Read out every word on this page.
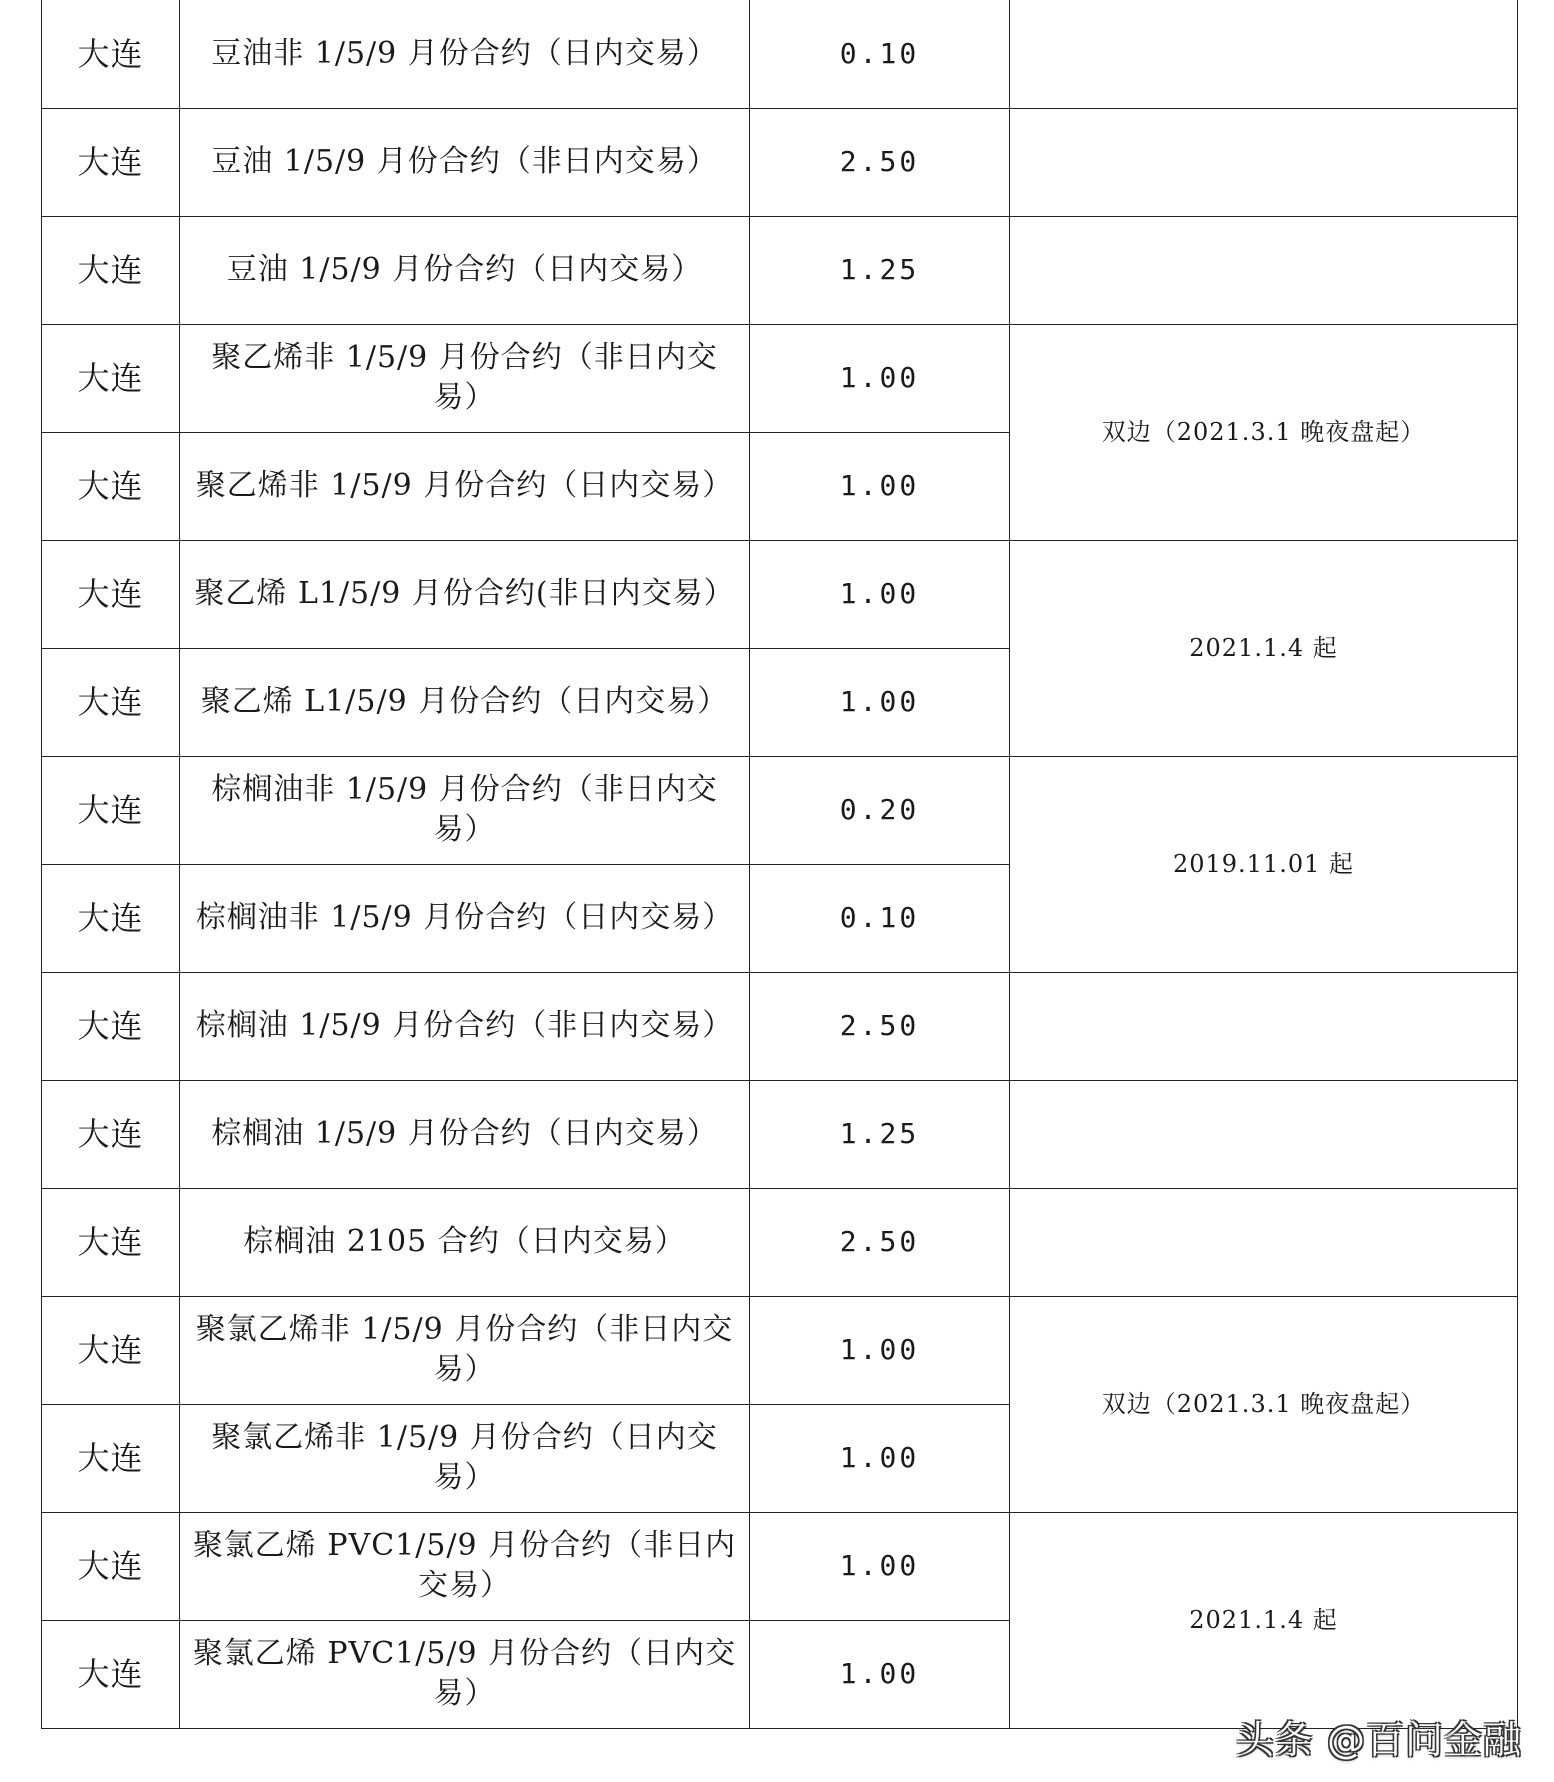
大连	豆油非 1/5/9 月份合约（日内交易）	0.10	
大连	豆油 1/5/9 月份合约（非日内交易）	2.50	
大连	豆油 1/5/9 月份合约（日内交易）	1.25	
大连	聚乙烯非 1/5/9 月份合约（非日内交易）	1.00	双边（2021.3.1 晚夜盘起）
大连	聚乙烯非 1/5/9 月份合约（日内交易）	1.00	
大连	聚乙烯 L1/5/9 月份合约(非日内交易）	1.00	2021.1.4 起
大连	聚乙烯 L1/5/9 月份合约（日内交易）	1.00	
大连	棕榈油非 1/5/9 月份合约（非日内交易）	0.20	2019.11.01 起
大连	棕榈油非 1/5/9 月份合约（日内交易）	0.10	
大连	棕榈油 1/5/9 月份合约（非日内交易）	2.50	
大连	棕榈油 1/5/9 月份合约（日内交易）	1.25	
大连	棕榈油 2105 合约（日内交易）	2.50	
大连	聚氯乙烯非 1/5/9 月份合约（非日内交易）	1.00	双边（2021.3.1 晚夜盘起）
大连	聚氯乙烯非 1/5/9 月份合约（日内交易）	1.00	
大连	聚氯乙烯 PVC1/5/9 月份合约（非日内交易）	1.00	2021.1.4 起
大连	聚氯乙烯 PVC1/5/9 月份合约（日内交易）	1.00	
头条 @百问金融
